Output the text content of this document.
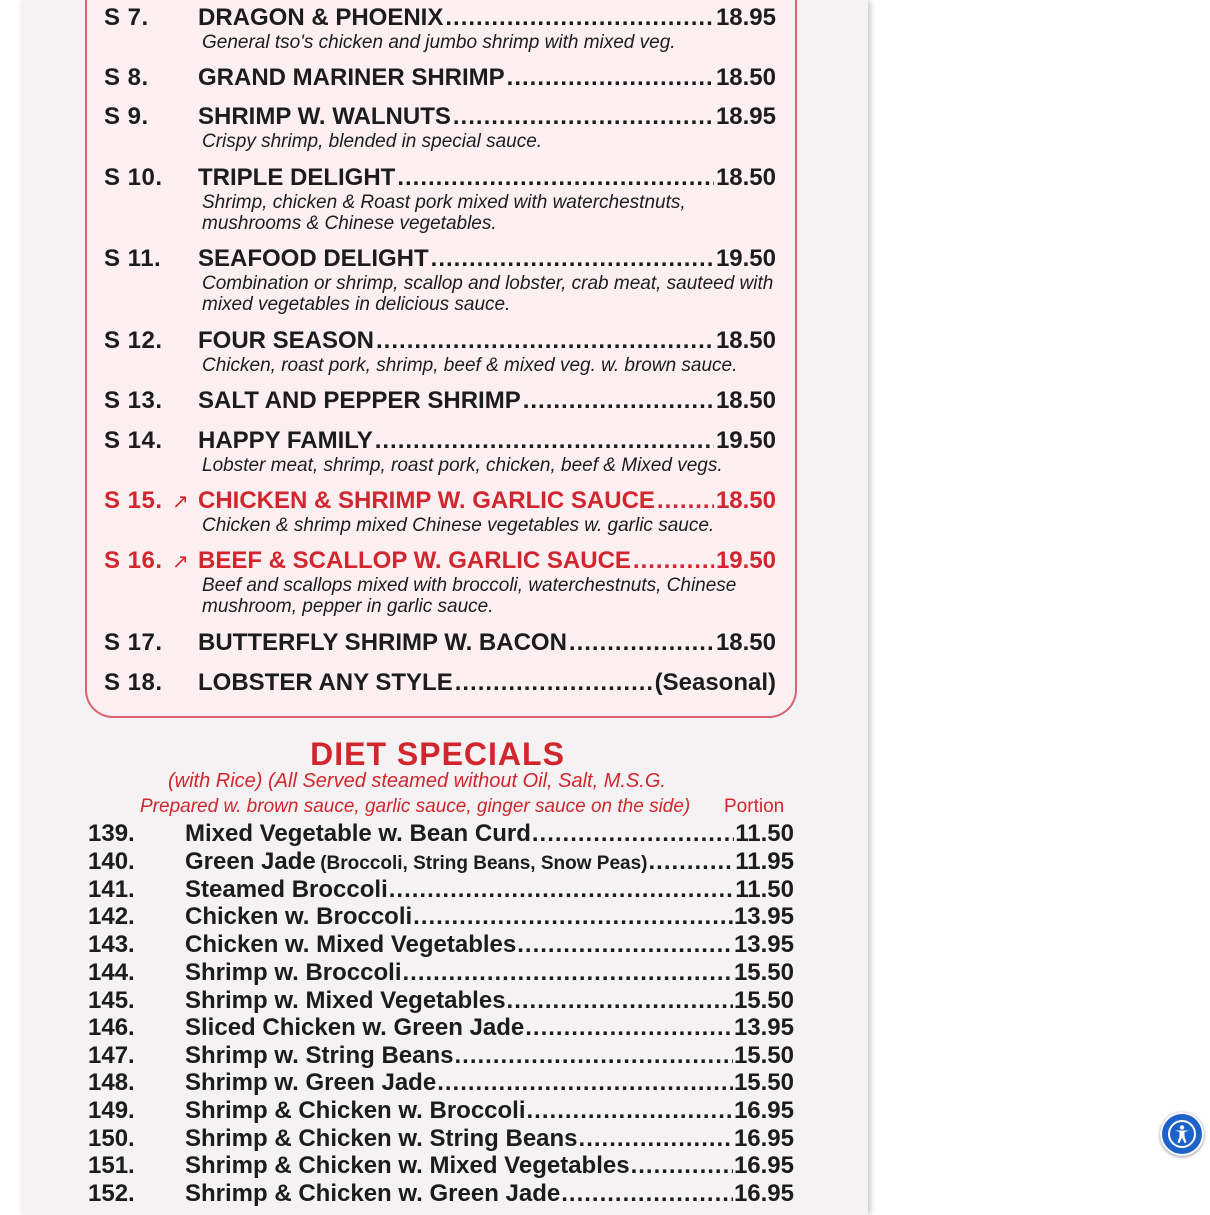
S 7.	DRAGON & PHOENIX .....	18.95
General tso's chicken and jumbo shrimp with mixed veg.
S 8.	GRAND MARINER SHRIMP .....	18.50
S 9.	SHRIMP W. WALNUTS .....	18.95
Crispy shrimp, blended in special sauce.
S 10.	TRIPLE DELIGHT .....	18.50
Shrimp, chicken & Roast pork mixed with waterchestnuts, mushrooms & Chinese vegetables.
S 11.	SEAFOOD DELIGHT .....	19.50
Combination or shrimp, scallop and lobster, crab meat, sauteed with mixed vegetables in delicious sauce.
S 12.	FOUR SEASON .....	18.50
Chicken, roast pork, shrimp, beef & mixed veg. w. brown sauce.
S 13.	SALT AND PEPPER SHRIMP .....	18.50
S 14.	HAPPY FAMILY .....	19.50
Lobster meat, shrimp, roast pork, chicken, beef & Mixed vegs.
S 15. ↗ CHICKEN & SHRIMP W. GARLIC SAUCE .....	18.50
Chicken & shrimp mixed Chinese vegetables w. garlic sauce.
S 16. ↗ BEEF & SCALLOP W. GARLIC SAUCE .....	19.50
Beef and scallops mixed with broccoli, waterchestnuts, Chinese mushroom, pepper in garlic sauce.
S 17.	BUTTERFLY SHRIMP W. BACON .....	18.50
S 18.	LOBSTER ANY STYLE .....	(Seasonal)
DIET SPECIALS
(with Rice) (All Served steamed without Oil, Salt, M.S.G.
Prepared w. brown sauce, garlic sauce, ginger sauce on the side) Portion
139.	Mixed Vegetable w. Bean Curd .....	11.50
140.	Green Jade
(Broccoli, String Beans, Snow Peas) .....	11.95
141.	Steamed Broccoli .....	11.50
142.	Chicken w. Broccoli .....	13.95
143.	Chicken w. Mixed Vegetables .....	13.95
144.	Shrimp w. Broccoli .....	15.50
145.	Shrimp w. Mixed Vegetables .....	15.50
146.	Sliced Chicken w. Green Jade .....	13.95
147.	Shrimp w. String Beans .....	15.50
148.	Shrimp w. Green Jade .....	15.50
149.	Shrimp & Chicken w. Broccoli .....	16.95
150.	Shrimp & Chicken w. String Beans .....	16.95
151.	Shrimp & Chicken w. Mixed Vegetables .....	16.95
152.	Shrimp & Chicken w. Green Jade .....	16.95
